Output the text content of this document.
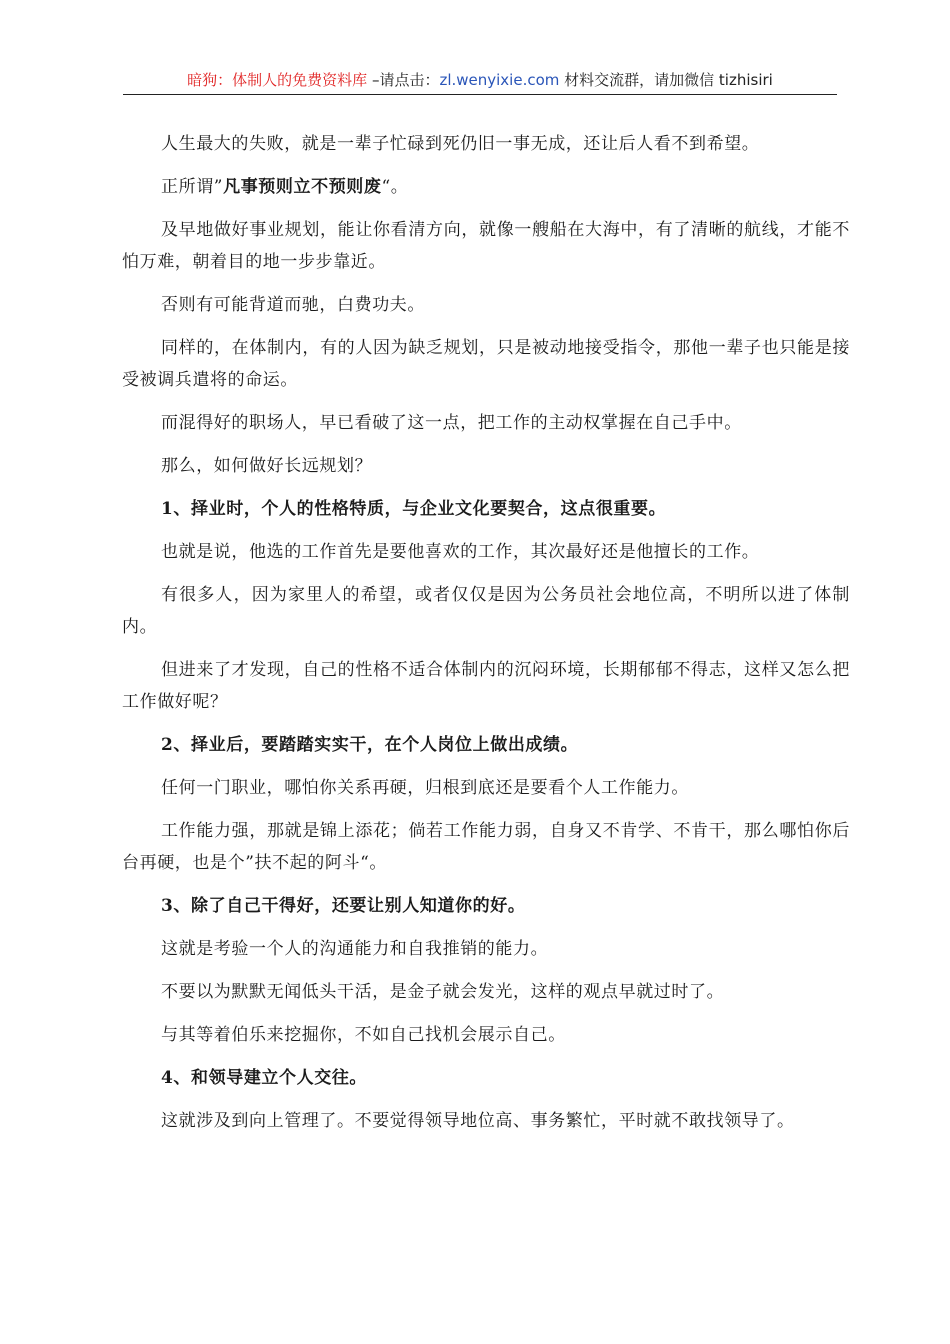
暗狗：体制人的免费资料库 –请点击：zl.wenyixie.com 材料交流群，请加微信 tizhisiri

人生最大的失败，就是一辈子忙碌到死仍旧一事无成，还让后人看不到希望。

正所谓”凡事预则立不预则废“。

及早地做好事业规划，能让你看清方向，就像一艘船在大海中，有了清晰的航线，才能不怕万难，朝着目的地一步步靠近。

否则有可能背道而驰，白费功夫。

同样的，在体制内，有的人因为缺乏规划，只是被动地接受指令，那他一辈子也只能是接受被调兵遣将的命运。

而混得好的职场人，早已看破了这一点，把工作的主动权掌握在自己手中。

那么，如何做好长远规划？

1、择业时，个人的性格特质，与企业文化要契合，这点很重要。

也就是说，他选的工作首先是要他喜欢的工作，其次最好还是他擅长的工作。

有很多人，因为家里人的希望，或者仅仅是因为公务员社会地位高，不明所以进了体制内。

但进来了才发现，自己的性格不适合体制内的沉闷环境，长期郁郁不得志，这样又怎么把工作做好呢？

2、择业后，要踏踏实实干，在个人岗位上做出成绩。

任何一门职业，哪怕你关系再硬，归根到底还是要看个人工作能力。

工作能力强，那就是锦上添花；倘若工作能力弱，自身又不肯学、不肯干，那么哪怕你后台再硬，也是个”扶不起的阿斗“。

3、除了自己干得好，还要让别人知道你的好。

这就是考验一个人的沟通能力和自我推销的能力。

不要以为默默无闻低头干活，是金子就会发光，这样的观点早就过时了。

与其等着伯乐来挖掘你，不如自己找机会展示自己。

4、和领导建立个人交往。

这就涉及到向上管理了。不要觉得领导地位高、事务繁忙，平时就不敢找领导了。
